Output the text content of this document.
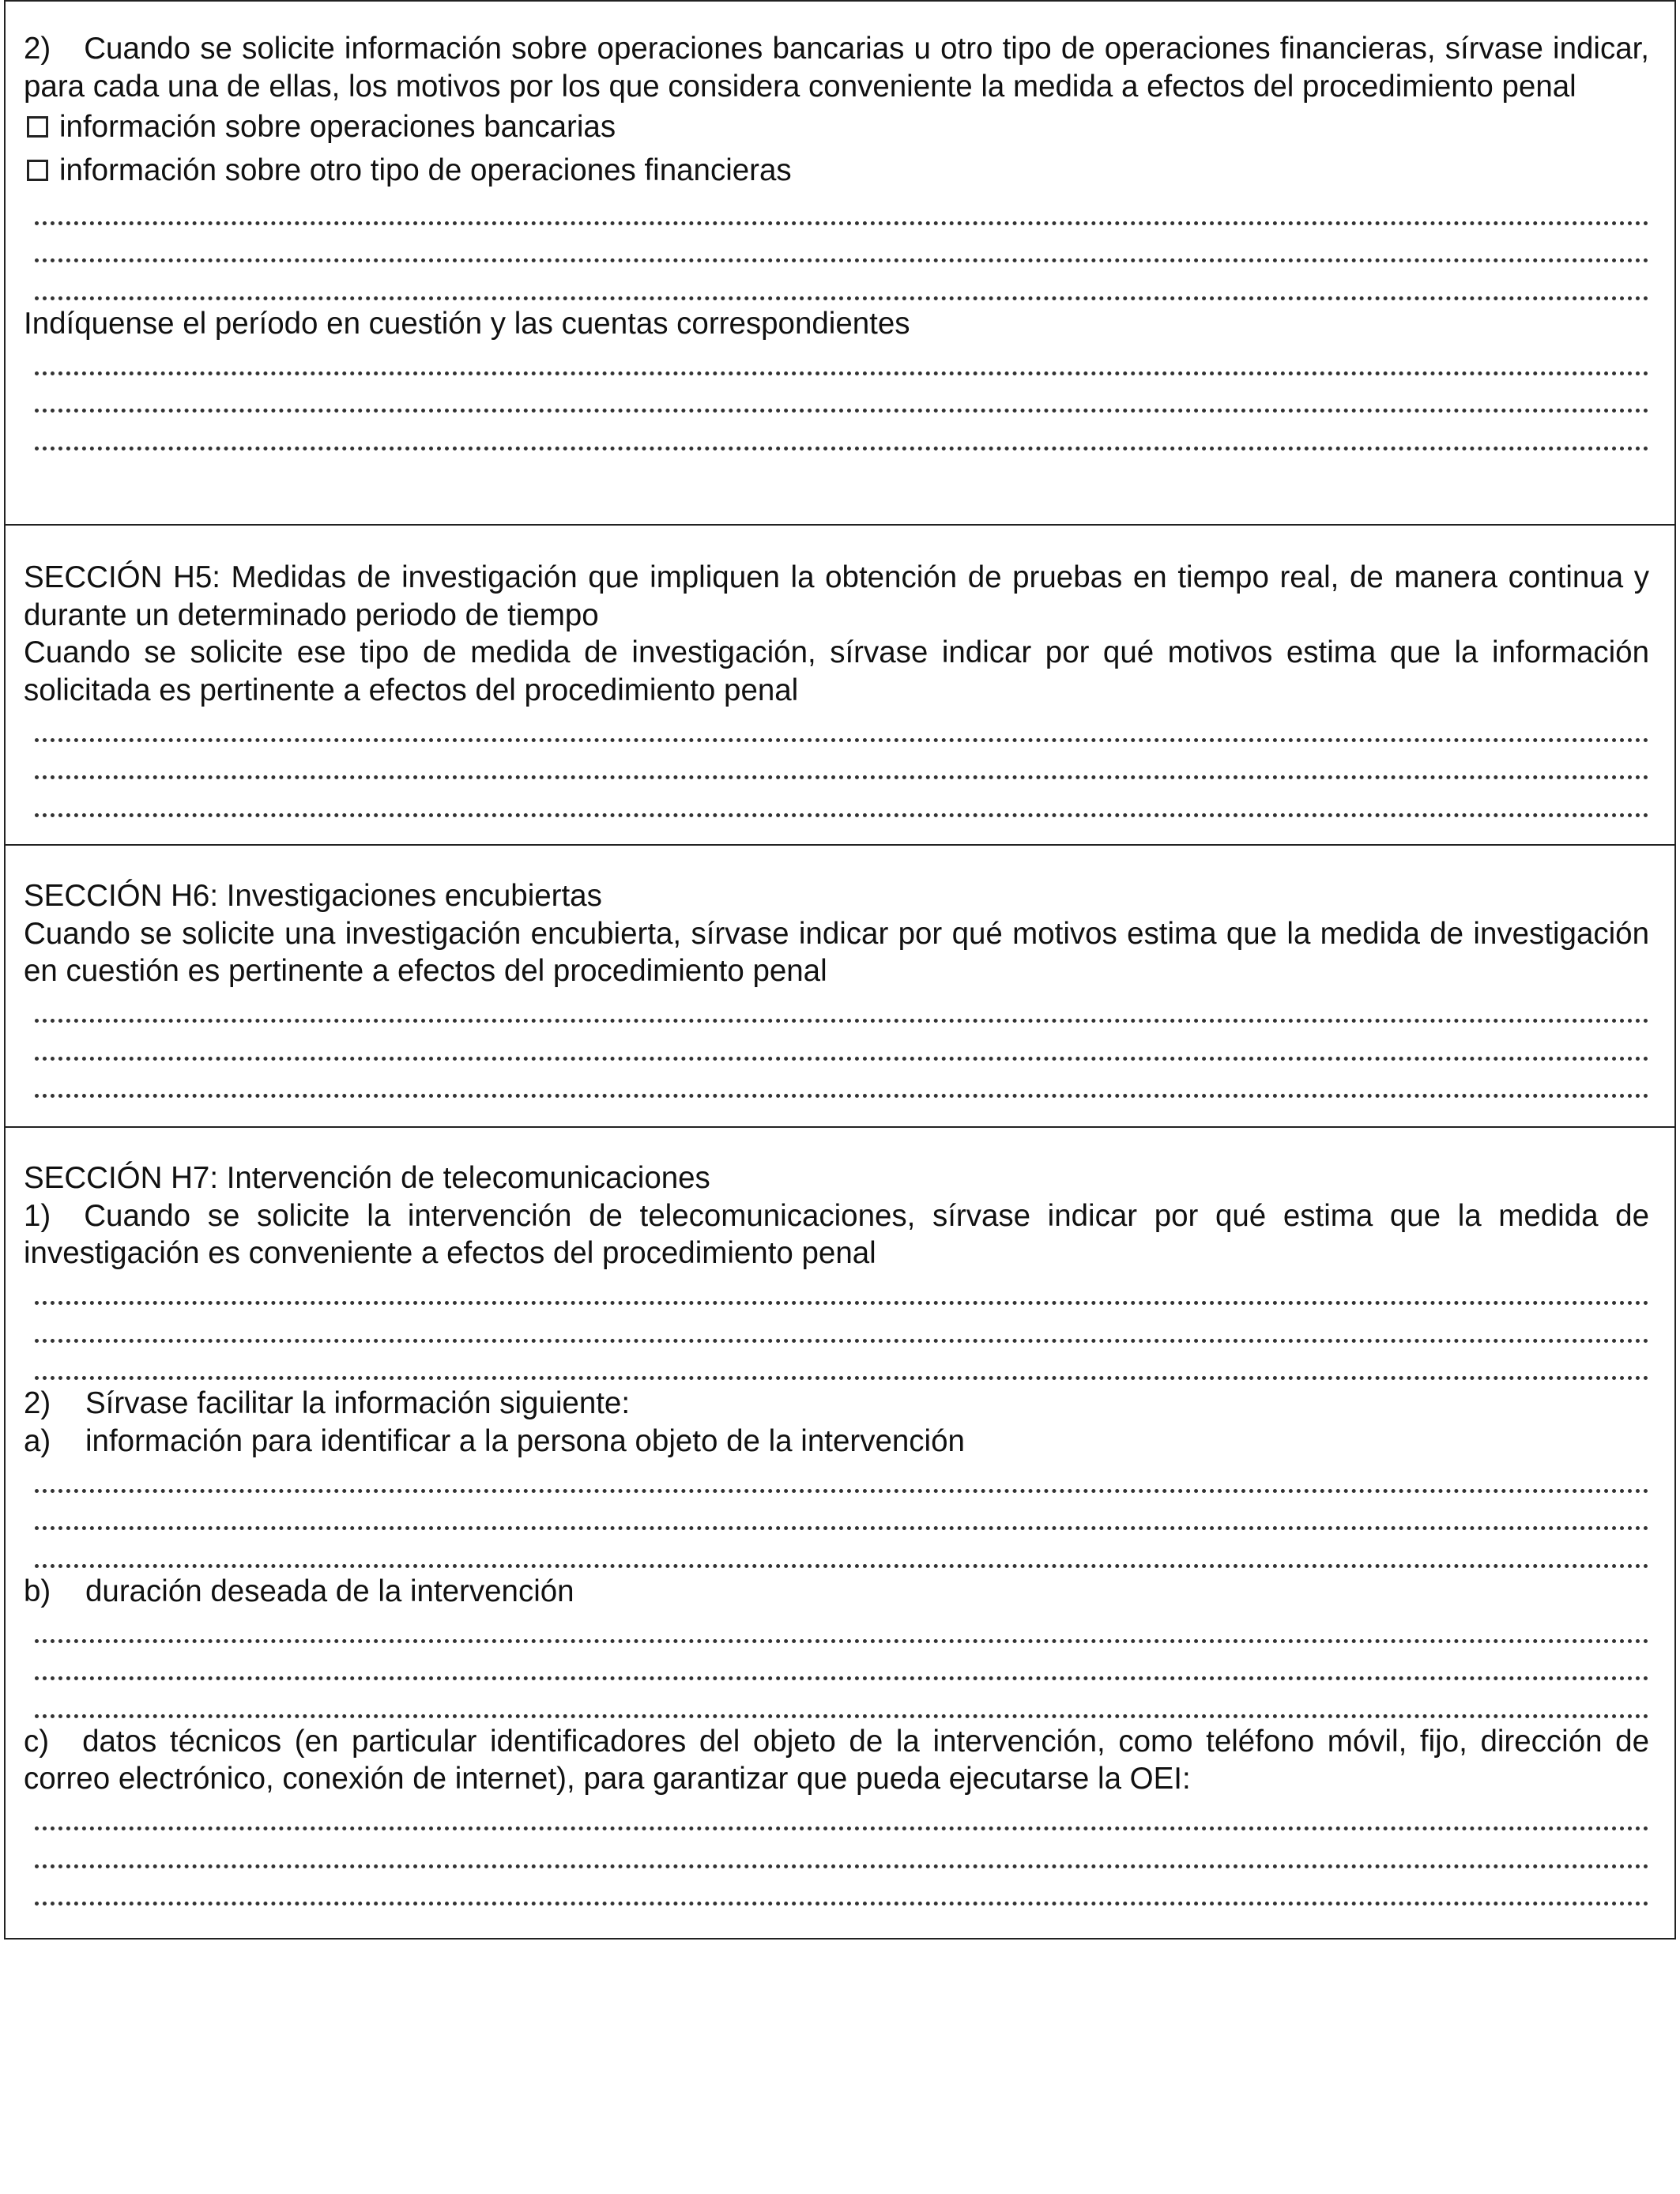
2) Cuando se solicite información sobre operaciones bancarias u otro tipo de operaciones financieras, sírvase indicar, para cada una de ellas, los motivos por los que considera conveniente la medida a efectos del procedimiento penal

información sobre operaciones bancarias
información sobre otro tipo de operaciones financieras

Indíquense el período en cuestión y las cuentas correspondientes

SECCIÓN H5: Medidas de investigación que impliquen la obtención de pruebas en tiempo real, de manera continua y durante un determinado periodo de tiempo

Cuando se solicite ese tipo de medida de investigación, sírvase indicar por qué motivos estima que la información solicitada es pertinente a efectos del procedimiento penal

SECCIÓN H6: Investigaciones encubiertas

Cuando se solicite una investigación encubierta, sírvase indicar por qué motivos estima que la medida de investigación en cuestión es pertinente a efectos del procedimiento penal

SECCIÓN H7: Intervención de telecomunicaciones

1) Cuando se solicite la intervención de telecomunicaciones, sírvase indicar por qué estima que la medida de investigación es conveniente a efectos del procedimiento penal

2)	Sírvase facilitar la información siguiente:
a)	información para identificar a la persona objeto de la intervención
b)	duración deseada de la intervención

c) datos técnicos (en particular identificadores del objeto de la intervención, como teléfono móvil, fijo, dirección de correo electrónico, conexión de internet), para garantizar que pueda ejecutarse la OEI:
